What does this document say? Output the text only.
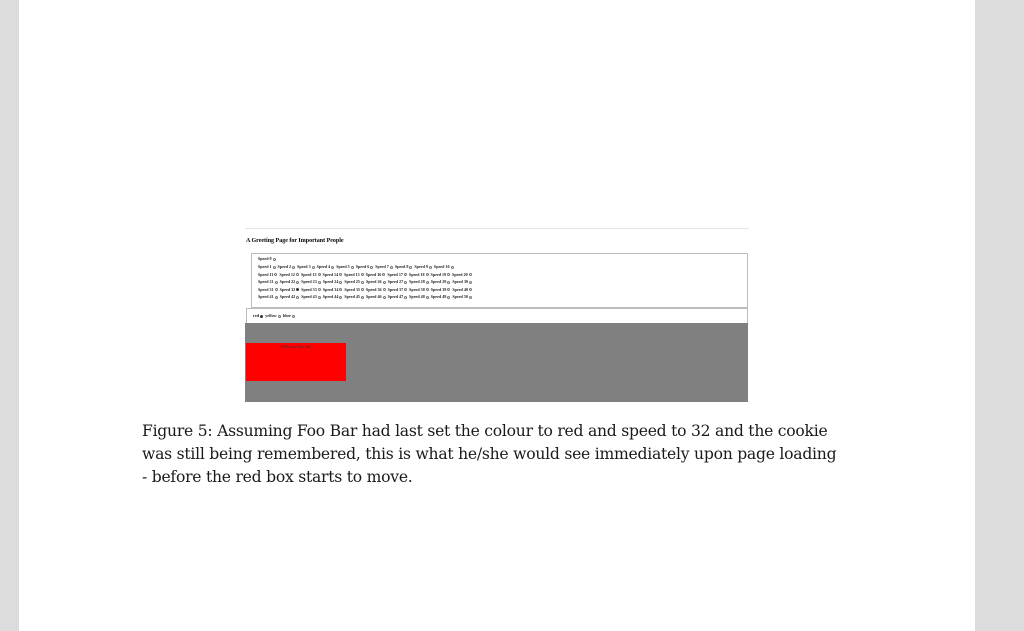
A Greeting Page for Important People
Speed 0
Speed 1 Speed 2 Speed 3 Speed 4 Speed 5 Speed 6 Speed 7 Speed 8 Speed 9 Speed 10
Speed 11 Speed 12 Speed 13 Speed 14 Speed 15 Speed 16 Speed 17 Speed 18 Speed 19 Speed 20
Speed 21 Speed 22 Speed 23 Speed 24 Speed 25 Speed 26 Speed 27 Speed 28 Speed 29 Speed 30
Speed 31 Speed 32 Speed 33 Speed 34 Speed 35 Speed 36 Speed 37 Speed 38 Speed 39 Speed 40
Speed 41 Speed 42 Speed 43 Speed 44 Speed 45 Speed 46 Speed 47 Speed 48 Speed 49 Speed 50
red yellow blue
Welcome Foo Bar
Figure 5: Assuming Foo Bar had last set the colour to red and speed to 32 and the cookie
was still being remembered, this is what he/she would see immediately upon page loading
- before the red box starts to move.
